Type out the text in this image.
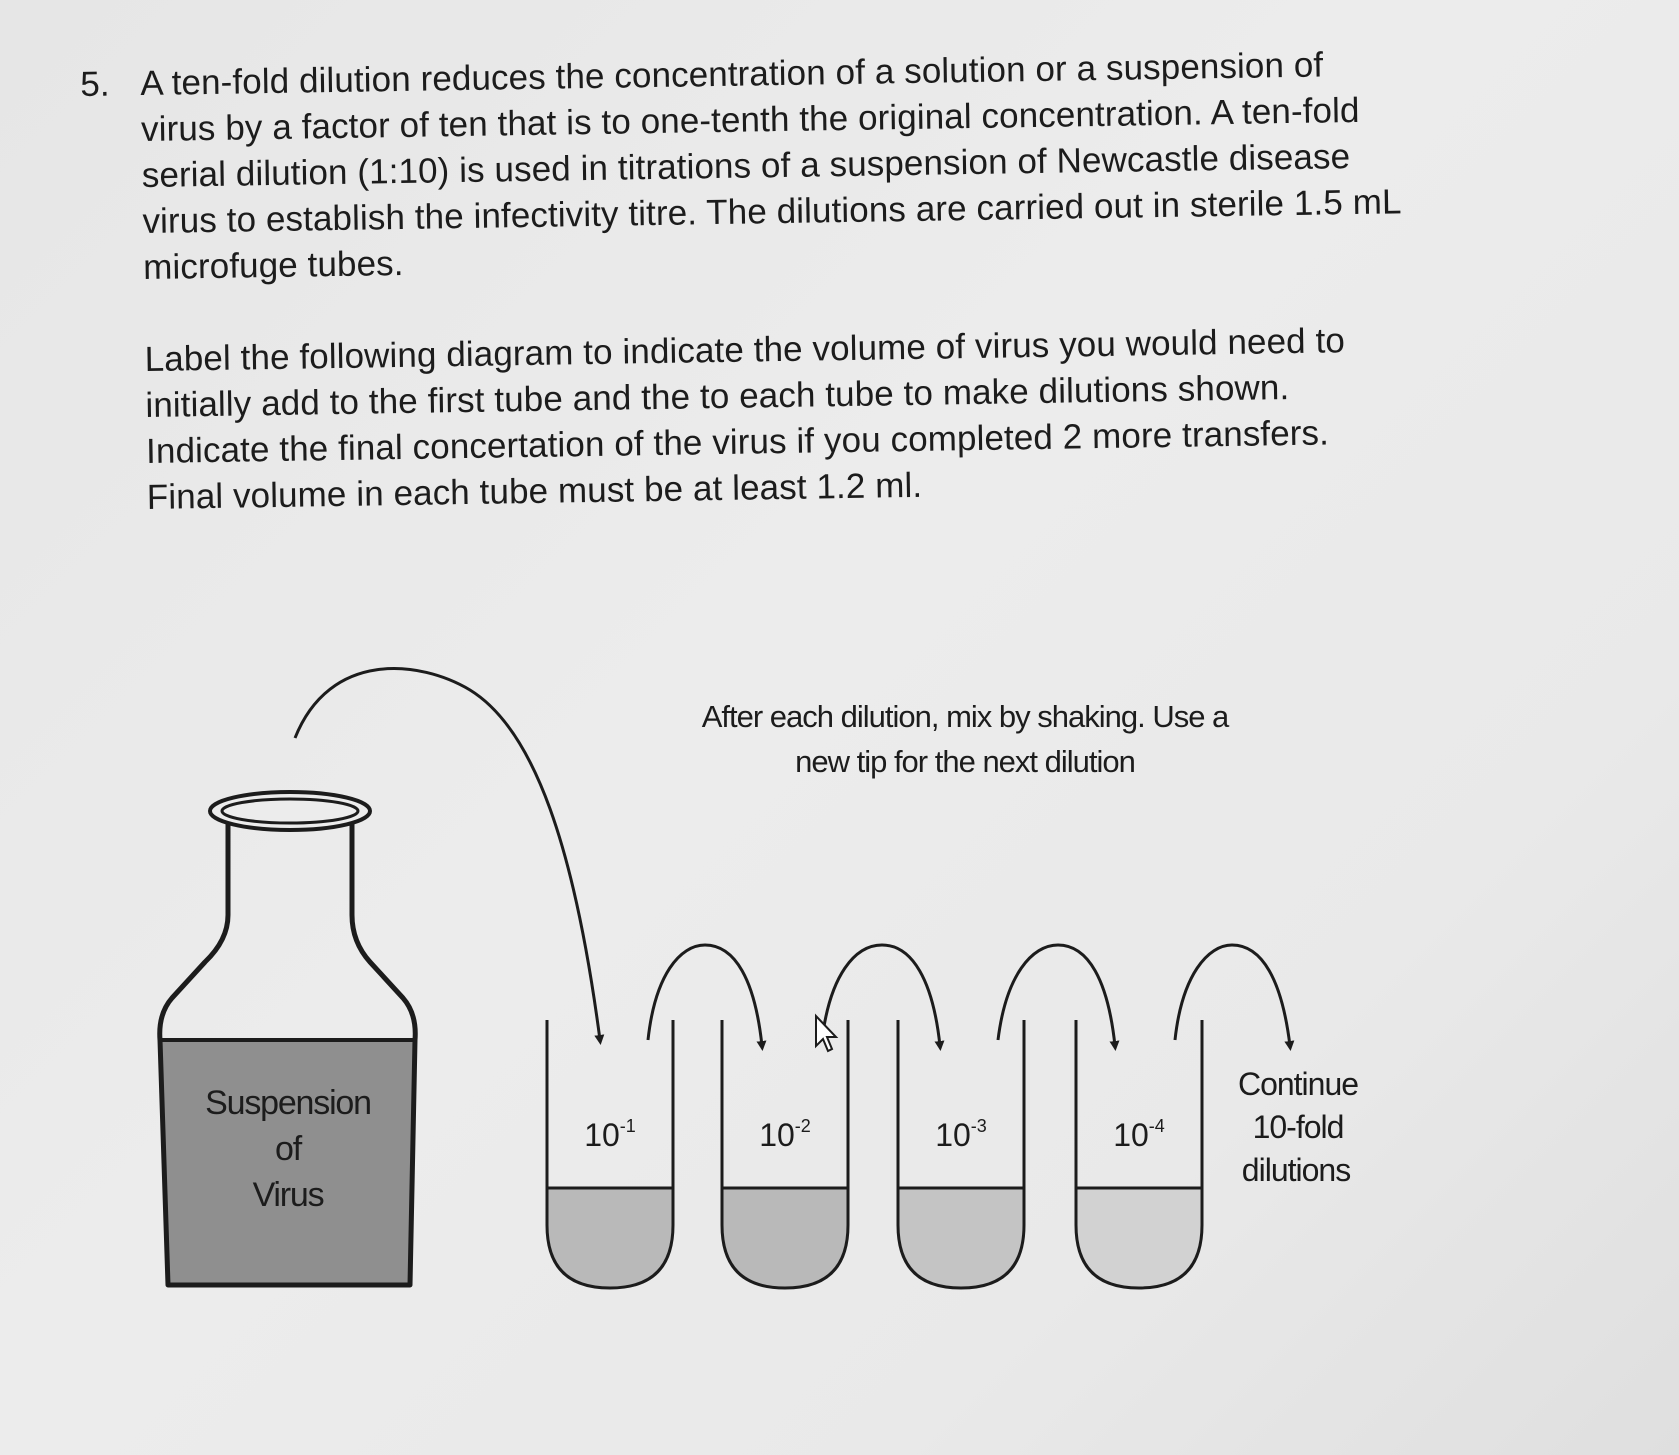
5. A ten-fold dilution reduces the concentration of a solution or a suspension of
virus by a factor of ten that is to one-tenth the original concentration. A ten-fold
serial dilution (1:10) is used in titrations of a suspension of Newcastle disease
virus to establish the infectivity titre. The dilutions are carried out in sterile 1.5 mL
microfuge tubes.
Label the following diagram to indicate the volume of virus you would need to
initially add to the first tube and the to each tube to make dilutions shown.
Indicate the final concertation of the virus if you completed 2 more transfers.
Final volume in each tube must be at least 1.2 ml.
After each dilution, mix by shaking. Use a
new tip for the next dilution
Suspension
of
Virus
$10^{-1}$	$10^{-2}$	$10^{-3}$	$10^{-4}$
Continue
10-fold
dilutions
